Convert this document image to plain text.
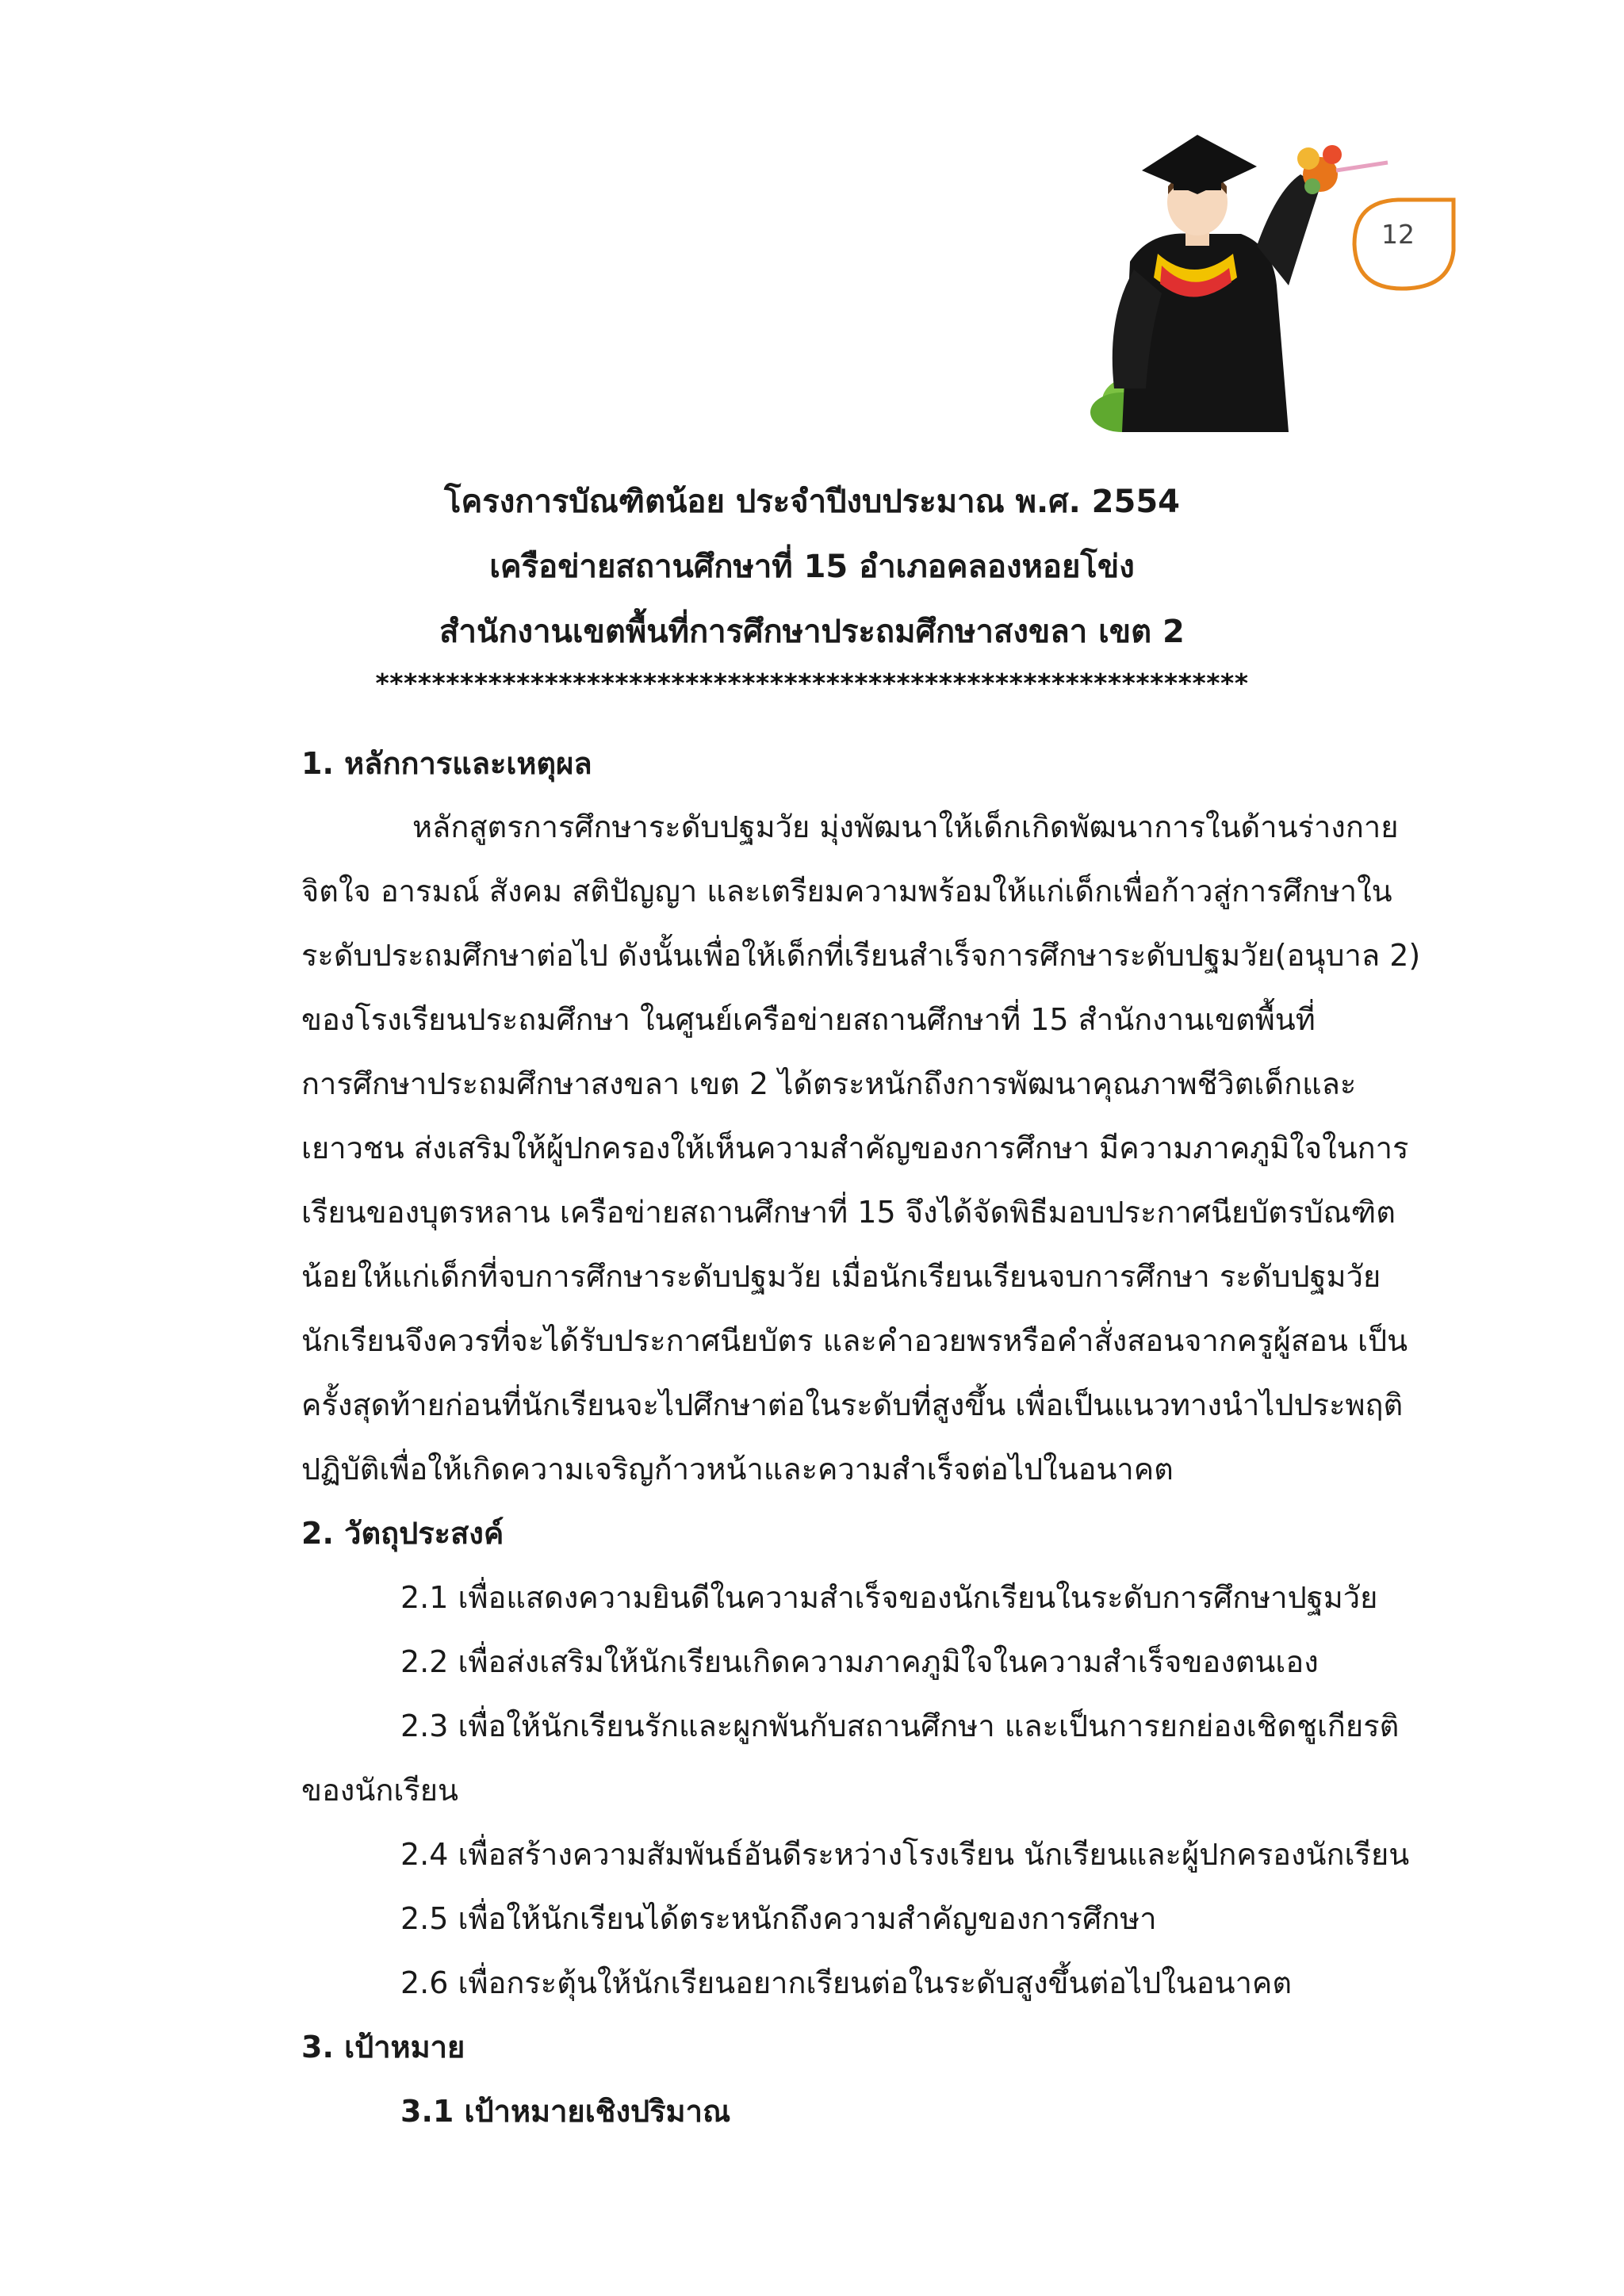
12
โครงการบัณฑิตน้อย ประจำปีงบประมาณ พ.ศ. 2554
เครือข่ายสถานศึกษาที่ 15 อำเภอคลองหอยโข่ง
สำนักงานเขตพื้นที่การศึกษาประถมศึกษาสงขลา เขต 2
**************************************************************
1. หลักการและเหตุผล
หลักสูตรการศึกษาระดับปฐมวัย มุ่งพัฒนาให้เด็กเกิดพัฒนาการในด้านร่างกาย
จิตใจ อารมณ์ สังคม สติปัญญา และเตรียมความพร้อมให้แก่เด็กเพื่อก้าวสู่การศึกษาใน
ระดับประถมศึกษาต่อไป ดังนั้นเพื่อให้เด็กที่เรียนสำเร็จการศึกษาระดับปฐมวัย(อนุบาล 2)
ของโรงเรียนประถมศึกษา ในศูนย์เครือข่ายสถานศึกษาที่ 15 สำนักงานเขตพื้นที่
การศึกษาประถมศึกษาสงขลา เขต 2 ได้ตระหนักถึงการพัฒนาคุณภาพชีวิตเด็กและ
เยาวชน ส่งเสริมให้ผู้ปกครองให้เห็นความสำคัญของการศึกษา มีความภาคภูมิใจในการ
เรียนของบุตรหลาน เครือข่ายสถานศึกษาที่ 15 จึงได้จัดพิธีมอบประกาศนียบัตรบัณฑิต
น้อยให้แก่เด็กที่จบการศึกษาระดับปฐมวัย เมื่อนักเรียนเรียนจบการศึกษา ระดับปฐมวัย
นักเรียนจึงควรที่จะได้รับประกาศนียบัตร และคำอวยพรหรือคำสั่งสอนจากครูผู้สอน เป็น
ครั้งสุดท้ายก่อนที่นักเรียนจะไปศึกษาต่อในระดับที่สูงขึ้น เพื่อเป็นแนวทางนำไปประพฤติ
ปฏิบัติเพื่อให้เกิดความเจริญก้าวหน้าและความสำเร็จต่อไปในอนาคต
2. วัตถุประสงค์
2.1 เพื่อแสดงความยินดีในความสำเร็จของนักเรียนในระดับการศึกษาปฐมวัย
2.2 เพื่อส่งเสริมให้นักเรียนเกิดความภาคภูมิใจในความสำเร็จของตนเอง
2.3 เพื่อให้นักเรียนรักและผูกพันกับสถานศึกษา และเป็นการยกย่องเชิดชูเกียรติ
ของนักเรียน
2.4 เพื่อสร้างความสัมพันธ์อันดีระหว่างโรงเรียน นักเรียนและผู้ปกครองนักเรียน
2.5 เพื่อให้นักเรียนได้ตระหนักถึงความสำคัญของการศึกษา
2.6 เพื่อกระตุ้นให้นักเรียนอยากเรียนต่อในระดับสูงขึ้นต่อไปในอนาคต
3. เป้าหมาย
3.1 เป้าหมายเชิงปริมาณ
